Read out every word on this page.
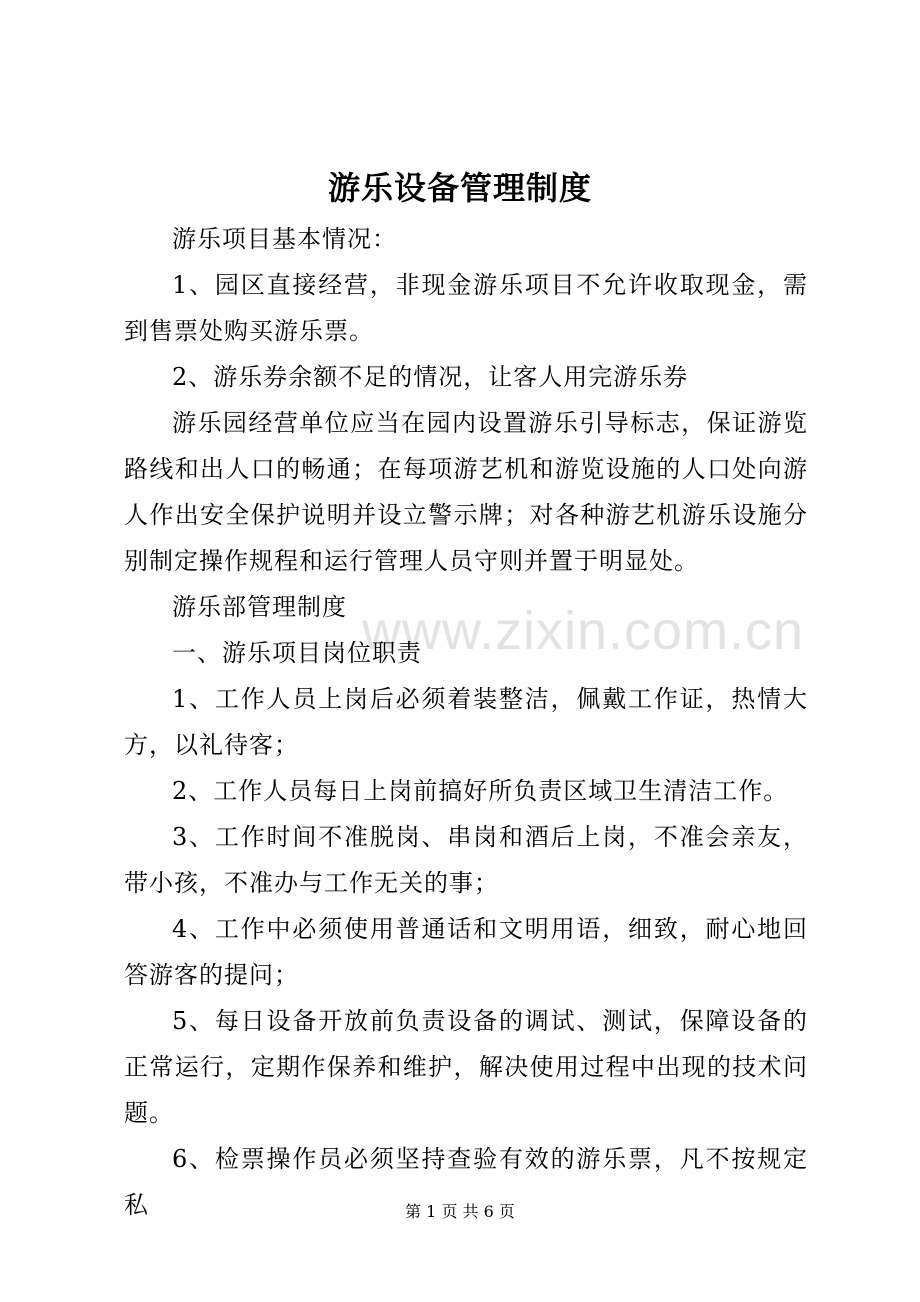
www.zixin.com.cn
游乐设备管理制度

游乐项目基本情况：

1、园区直接经营，非现金游乐项目不允许收取现金，需到售票处购买游乐票。

2、游乐券余额不足的情况，让客人用完游乐券

游乐园经营单位应当在园内设置游乐引导标志，保证游览路线和出人口的畅通；在每项游艺机和游览设施的人口处向游人作出安全保护说明并设立警示牌；对各种游艺机游乐设施分别制定操作规程和运行管理人员守则并置于明显处。

游乐部管理制度

一、游乐项目岗位职责

1、工作人员上岗后必须着装整洁，佩戴工作证，热情大方，以礼待客；

2、工作人员每日上岗前搞好所负责区域卫生清洁工作。

3、工作时间不准脱岗、串岗和酒后上岗，不准会亲友，带小孩，不准办与工作无关的事；

4、工作中必须使用普通话和文明用语，细致，耐心地回答游客的提问；

5、每日设备开放前负责设备的调试、测试，保障设备的正常运行，定期作保养和维护，解决使用过程中出现的技术问题。

6、检票操作员必须坚持查验有效的游乐票，凡不按规定私	第 1 页 共 6 页
